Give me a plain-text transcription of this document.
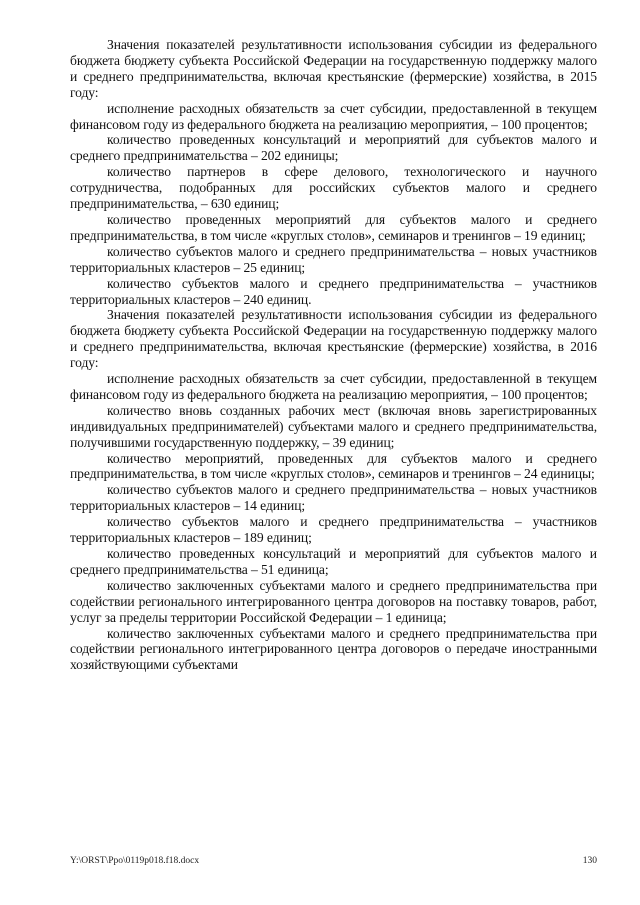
Значения показателей результативности использования субсидии из федерального бюджета бюджету субъекта Российской Федерации на государственную поддержку малого и среднего предпринимательства, включая крестьянские (фермерские) хозяйства, в 2015 году:

исполнение расходных обязательств за счет субсидии, предоставленной в текущем финансовом году из федерального бюджета на реализацию мероприятия, – 100 процентов;

количество проведенных консультаций и мероприятий для субъектов малого и среднего предпринимательства – 202 единицы;

количество партнеров в сфере делового, технологического и научного сотрудничества, подобранных для российских субъектов малого и среднего предпринимательства, – 630 единиц;

количество проведенных мероприятий для субъектов малого и среднего предпринимательства, в том числе «круглых столов», семинаров и тренингов – 19 единиц;

количество субъектов малого и среднего предпринимательства – новых участников территориальных кластеров – 25 единиц;

количество субъектов малого и среднего предпринимательства – участников территориальных кластеров – 240 единиц.

Значения показателей результативности использования субсидии из федерального бюджета бюджету субъекта Российской Федерации на государственную поддержку малого и среднего предпринимательства, включая крестьянские (фермерские) хозяйства, в 2016 году:

исполнение расходных обязательств за счет субсидии, предоставленной в текущем финансовом году из федерального бюджета на реализацию мероприятия, – 100 процентов;

количество вновь созданных рабочих мест (включая вновь зарегистрированных индивидуальных предпринимателей) субъектами малого и среднего предпринимательства, получившими государственную поддержку, – 39 единиц;

количество мероприятий, проведенных для субъектов малого и среднего предпринимательства, в том числе «круглых столов», семинаров и тренингов – 24 единицы;

количество субъектов малого и среднего предпринимательства – новых участников территориальных кластеров – 14 единиц;

количество субъектов малого и среднего предпринимательства – участников территориальных кластеров – 189 единиц;

количество проведенных консультаций и мероприятий для субъектов малого и среднего предпринимательства – 51 единица;

количество заключенных субъектами малого и среднего предпринимательства при содействии регионального интегрированного центра договоров на поставку товаров, работ, услуг за пределы территории Российской Федерации – 1 единица;

количество заключенных субъектами малого и среднего предпринимательства при содействии регионального интегрированного центра договоров о передаче иностранными хозяйствующими субъектами

Y:\ORST\Ppo\0119p018.f18.docx	130
